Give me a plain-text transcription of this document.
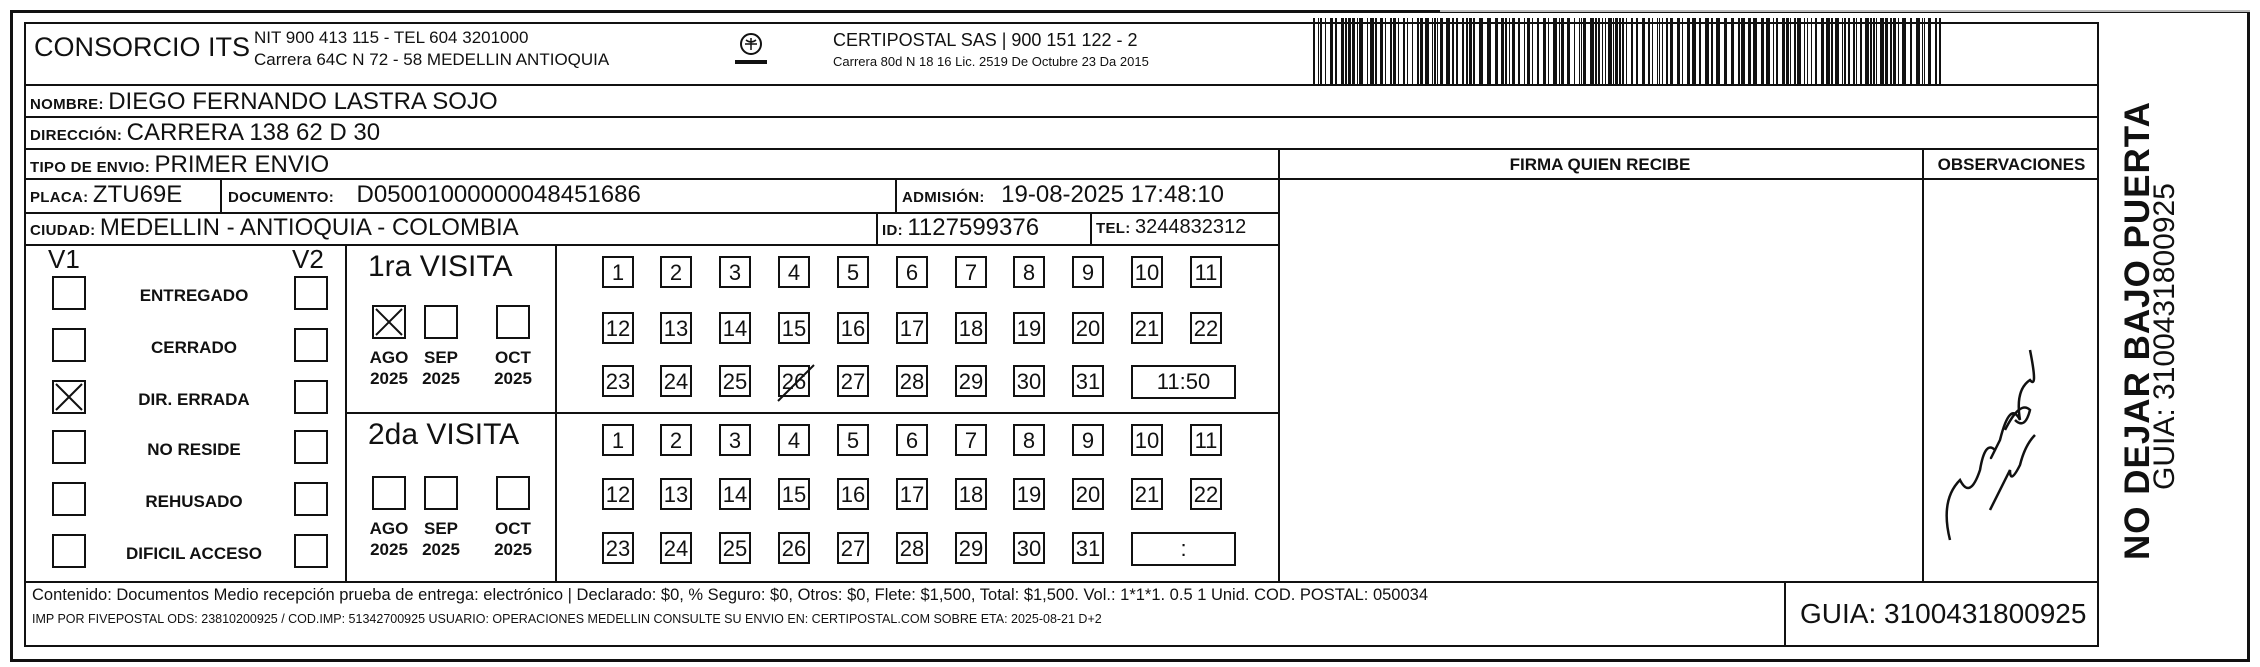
CONSORCIO ITS NIT 900 413 115 - TEL 604 3201000
Carrera 64C N 72 - 58 MEDELLIN ANTIOQUIA
CERTIPOSTAL SAS | 900 151 122 - 2
Carrera 80d N 18 16 Lic. 2519 De Octubre 23 Da 2015
NOMBRE: DIEGO FERNANDO LASTRA SOJO
DIRECCIÓN: CARRERA 138 62 D 30
TIPO DE ENVIO: PRIMER ENVIO
PLACA: ZTU69E	DOCUMENTO: D05001000000048451686	ADMISIÓN: 19-08-2025 17:48:10
CIUDAD: MEDELLIN - ANTIOQUIA - COLOMBIA	ID: 1127599376	TEL: 3244832312
FIRMA QUIEN RECIBE	OBSERVACIONES
V1	V2
ENTREGADO
CERRADO
DIR. ERRADA
NO RESIDE
REHUSADO
DIFICIL ACCESO
1ra VISITA
2da VISITA
AGO
2025
SEP
2025
OCT
2025
1	2	3	4	5	6	7	8	9	10 11
12 13 14 15 16 17 18 19 20 21 22
23 24 25 26 27 28 29 30 31	11:50
AGO
2025
SEP
2025
OCT
2025
1	2	3	4	5	6	7	8	9	10 11
12 13 14 15 16 17 18 19 20 21 22
23 24 25 26 27 28 29 30 31	:
Contenido: Documentos Medio recepción prueba de entrega: electrónico | Declarado: $0, % Seguro: $0, Otros: $0, Flete: $1,500, Total: $1,500. Vol.: 1*1*1. 0.5 1 Unid. COD. POSTAL: 050034
IMP POR FIVEPOSTAL ODS: 23810200925 / COD.IMP: 51342700925 USUARIO: OPERACIONES MEDELLIN CONSULTE SU ENVIO EN: CERTIPOSTAL.COM SOBRE ETA: 2025-08-21 D+2	GUIA: 3100431800925
NO DEJAR BAJO PUERTA
GUIA: 3100431800925
